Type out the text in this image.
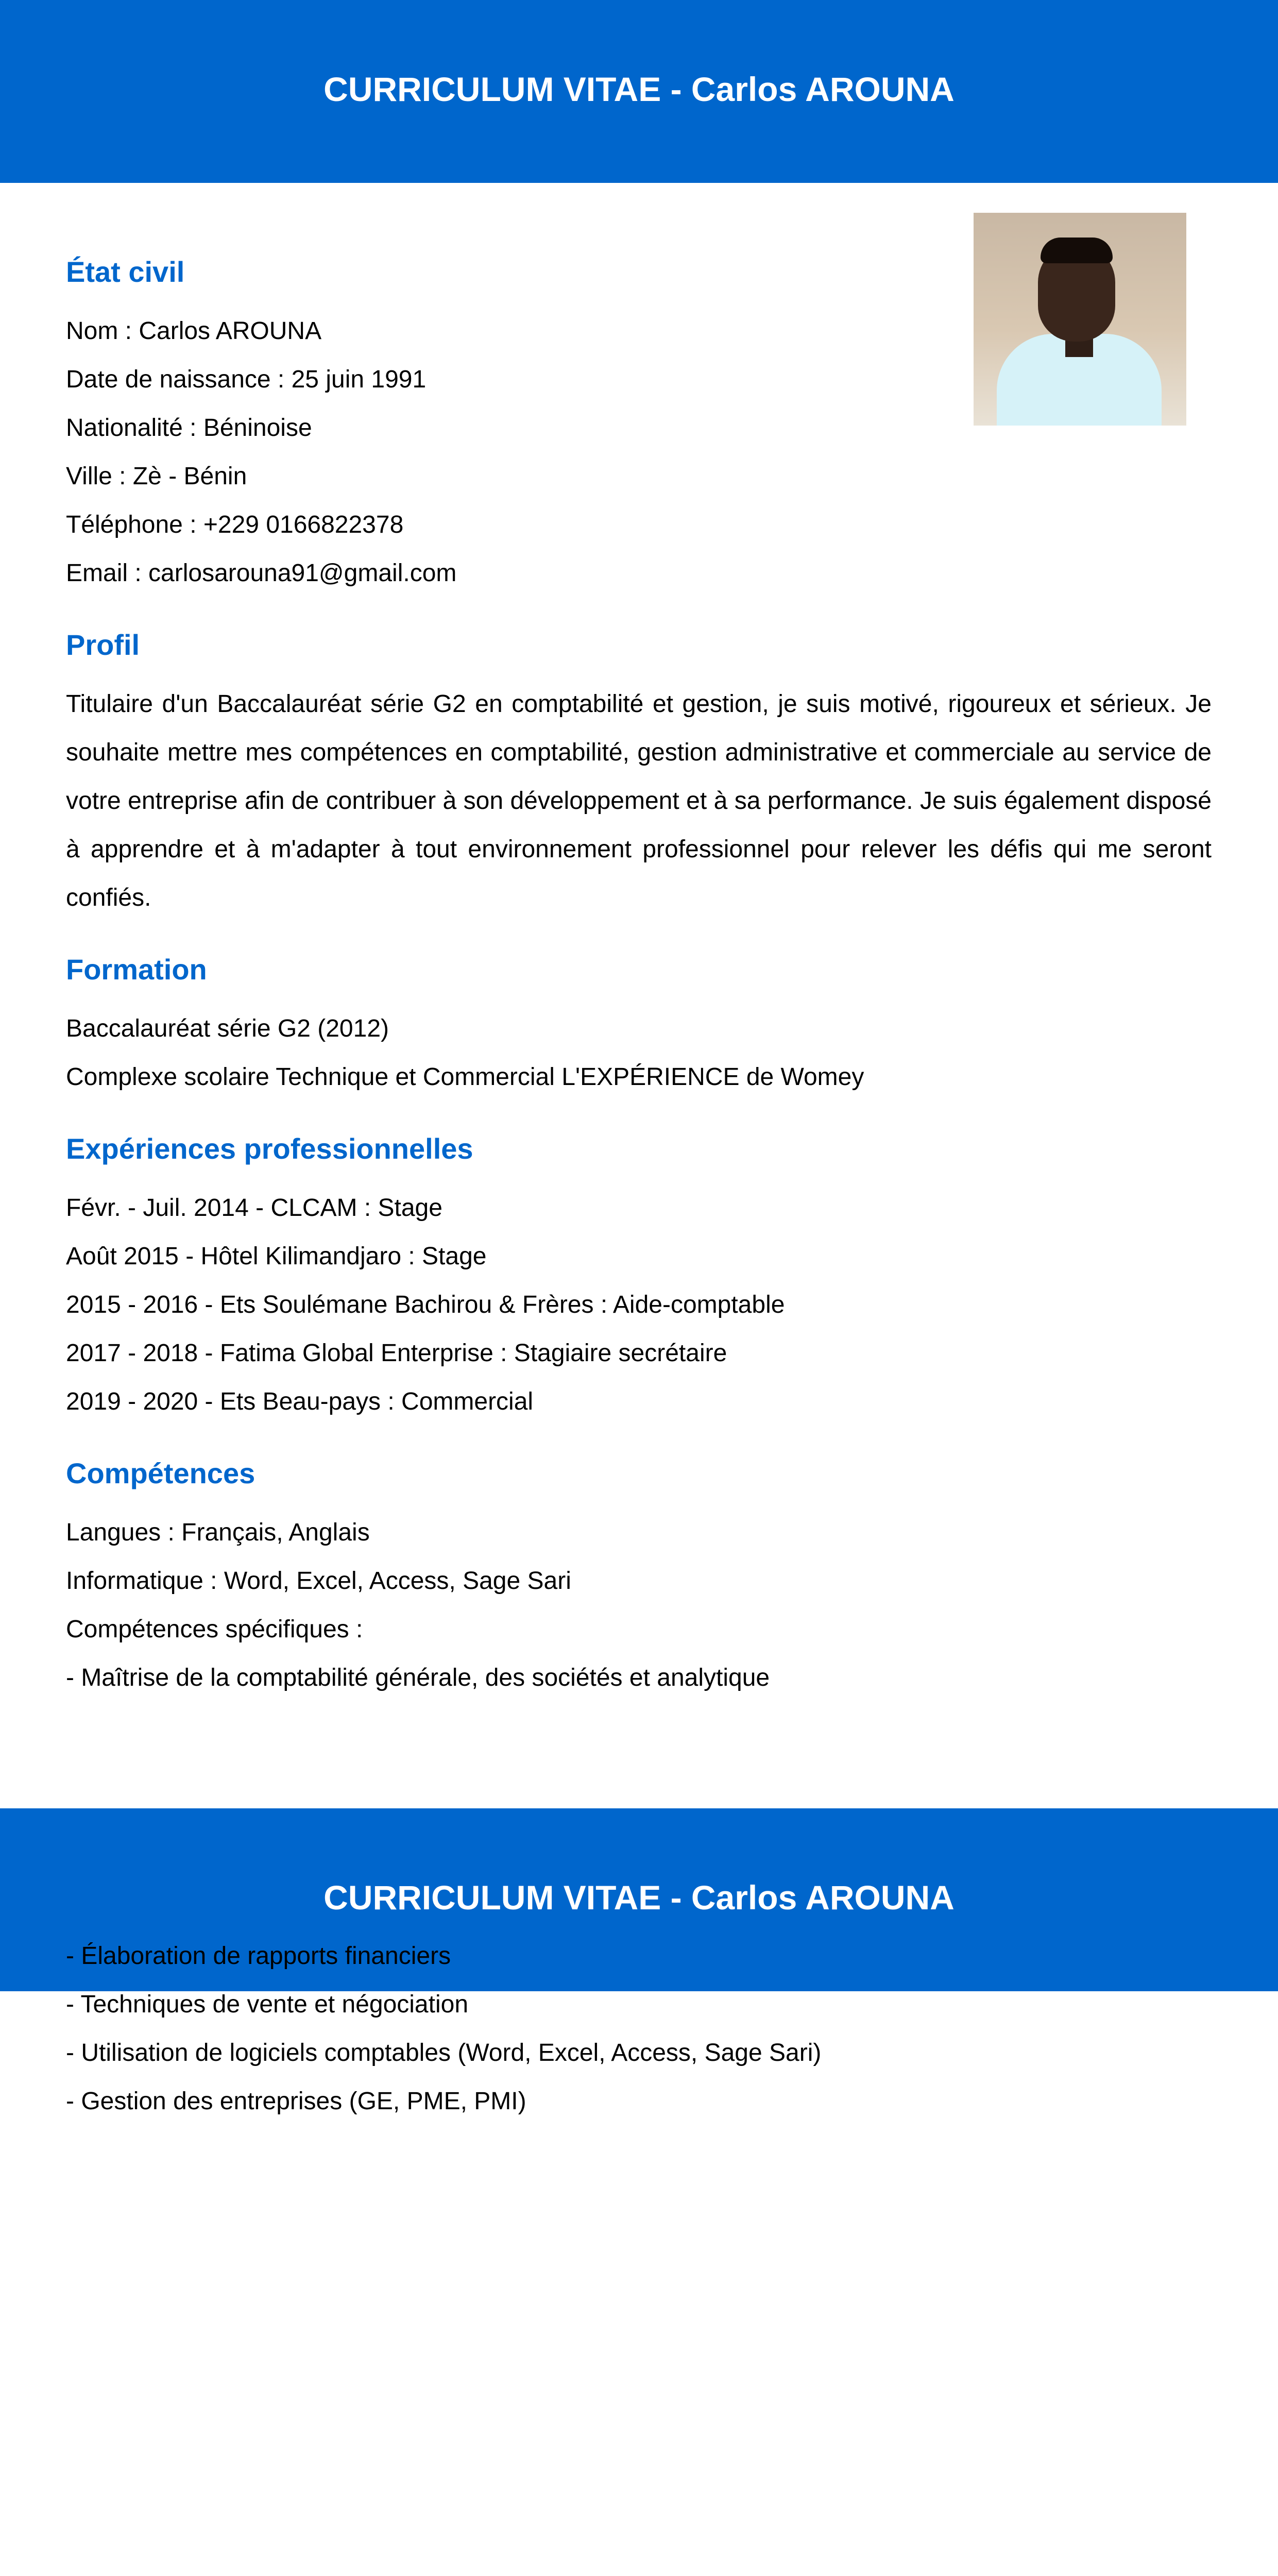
CURRICULUM VITAE - Carlos AROUNA
État civil

Nom : Carlos AROUNA

Date de naissance : 25 juin 1991

Nationalité : Béninoise

Ville : Zè - Bénin

Téléphone : +229 0166822378

Email : carlosarouna91@gmail.com

Profil

Titulaire d'un Baccalauréat série G2 en comptabilité et gestion, je suis motivé, rigoureux et sérieux. Je souhaite mettre mes compétences en comptabilité, gestion administrative et commerciale au service de votre entreprise afin de contribuer à son développement et à sa performance. Je suis également disposé à apprendre et à m'adapter à tout environnement professionnel pour relever les défis qui me seront confiés.

Formation

Baccalauréat série G2 (2012)

Complexe scolaire Technique et Commercial L'EXPÉRIENCE de Womey

Expériences professionnelles

Févr. - Juil. 2014 - CLCAM : Stage

Août 2015 - Hôtel Kilimandjaro : Stage

2015 - 2016 - Ets Soulémane Bachirou & Frères : Aide-comptable

2017 - 2018 - Fatima Global Enterprise : Stagiaire secrétaire

2019 - 2020 - Ets Beau-pays : Commercial

Compétences

Langues : Français, Anglais

Informatique : Word, Excel, Access, Sage Sari

Compétences spécifiques :

- Maîtrise de la comptabilité générale, des sociétés et analytique

CURRICULUM VITAE - Carlos AROUNA

- Élaboration de rapports financiers

- Techniques de vente et négociation

- Utilisation de logiciels comptables (Word, Excel, Access, Sage Sari)

- Gestion des entreprises (GE, PME, PMI)
